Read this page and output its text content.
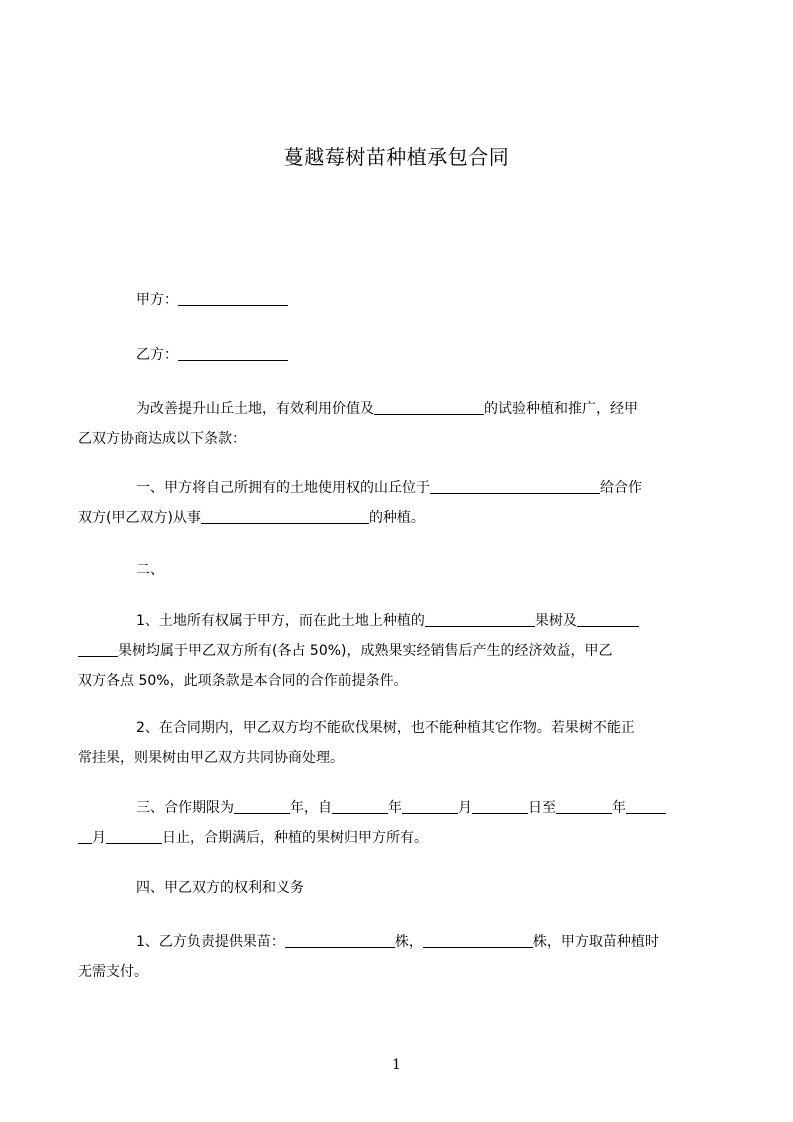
蔓越莓树苗种植承包合同
甲方：
乙方：
为改善提升山丘土地，有效利用价值及	的试验种植和推广，经甲
乙双方协商达成以下条款：
一、甲方将自己所拥有的土地使用权的山丘位于	给合作
双方(甲乙双方)从事	的种植。
二、
1、土地所有权属于甲方，而在此土地上种植的	果树及
果树均属于甲乙双方所有(各占 50%)，成熟果实经销售后产生的经济效益，甲乙
双方各点 50%，此项条款是本合同的合作前提条件。
2、在合同期内，甲乙双方均不能砍伐果树，也不能种植其它作物。若果树不能正
常挂果，则果树由甲乙双方共同协商处理。
三、合作期限为	年，自	年	月	日至	年
月	日止，合期满后，种植的果树归甲方所有。
四、甲乙双方的权利和义务
1、乙方负责提供果苗：	株，	株，甲方取苗种植时
无需支付。
1
